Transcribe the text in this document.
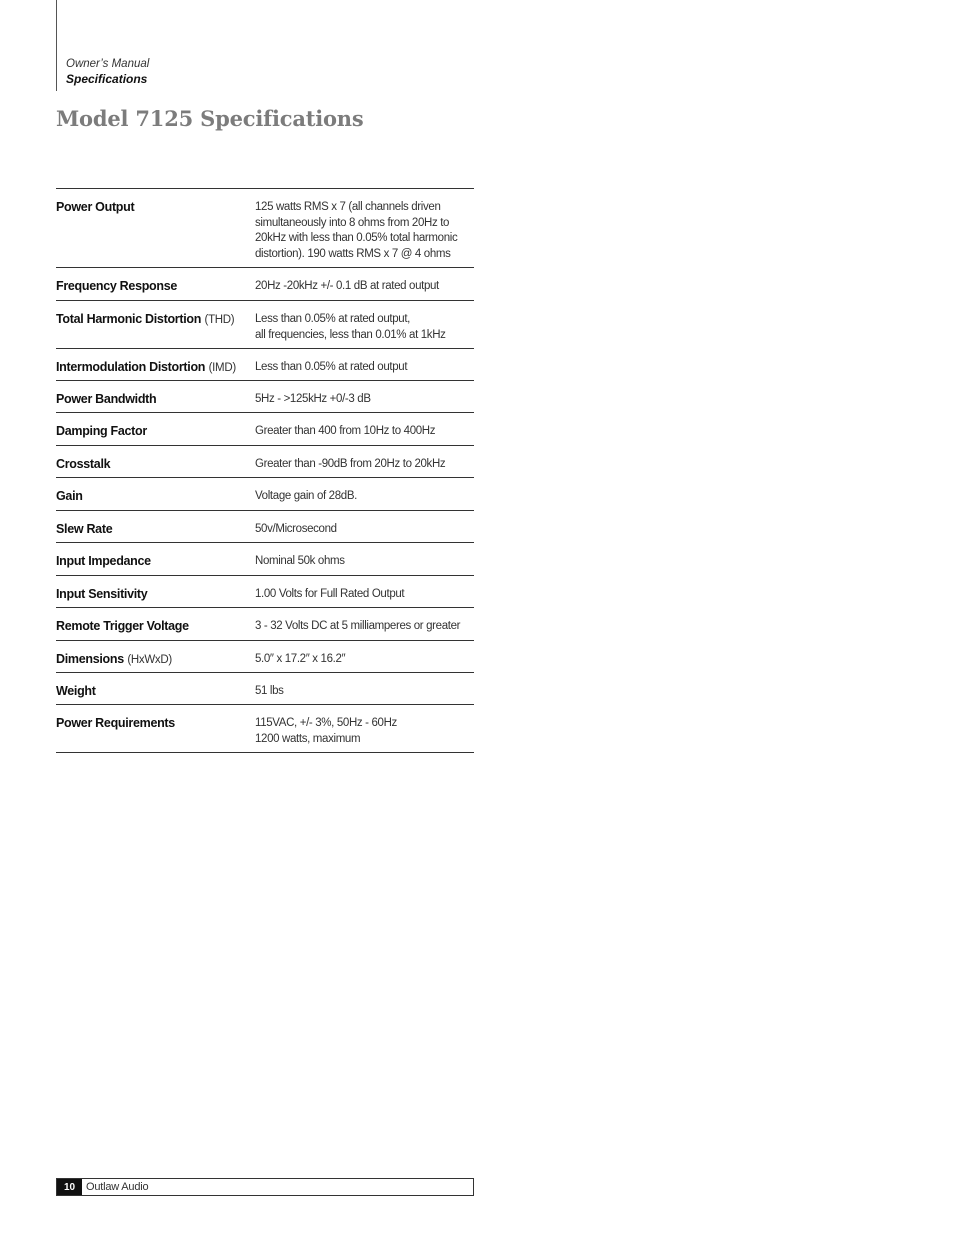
Owner’s Manual
Specifications
Model 7125 Specifications
Power Output	125 watts RMS x 7 (all channels driven
simultaneously into 8 ohms from 20Hz to
20kHz with less than 0.05% total harmonic
distortion). 190 watts RMS x 7 @ 4 ohms
Frequency Response	20Hz -20kHz +/- 0.1 dB at rated output
Total Harmonic Distortion (THD)	Less than 0.05% at rated output,
all frequencies, less than 0.01% at 1kHz
Intermodulation Distortion (IMD)	Less than 0.05% at rated output
Power Bandwidth	5Hz - >125kHz +0/-3 dB
Damping Factor	Greater than 400 from 10Hz to 400Hz
Crosstalk	Greater than -90dB from 20Hz to 20kHz
Gain	Voltage gain of 28dB.
Slew Rate	50v/Microsecond
Input Impedance	Nominal 50k ohms
Input Sensitivity	1.00 Volts for Full Rated Output
Remote Trigger Voltage	3 - 32 Volts DC at 5 milliamperes or greater
Dimensions (HxWxD)	5.0″ x 17.2″ x 16.2″
Weight	51 lbs
Power Requirements	115VAC, +/- 3%, 50Hz - 60Hz
1200 watts, maximum
10 Outlaw Audio
